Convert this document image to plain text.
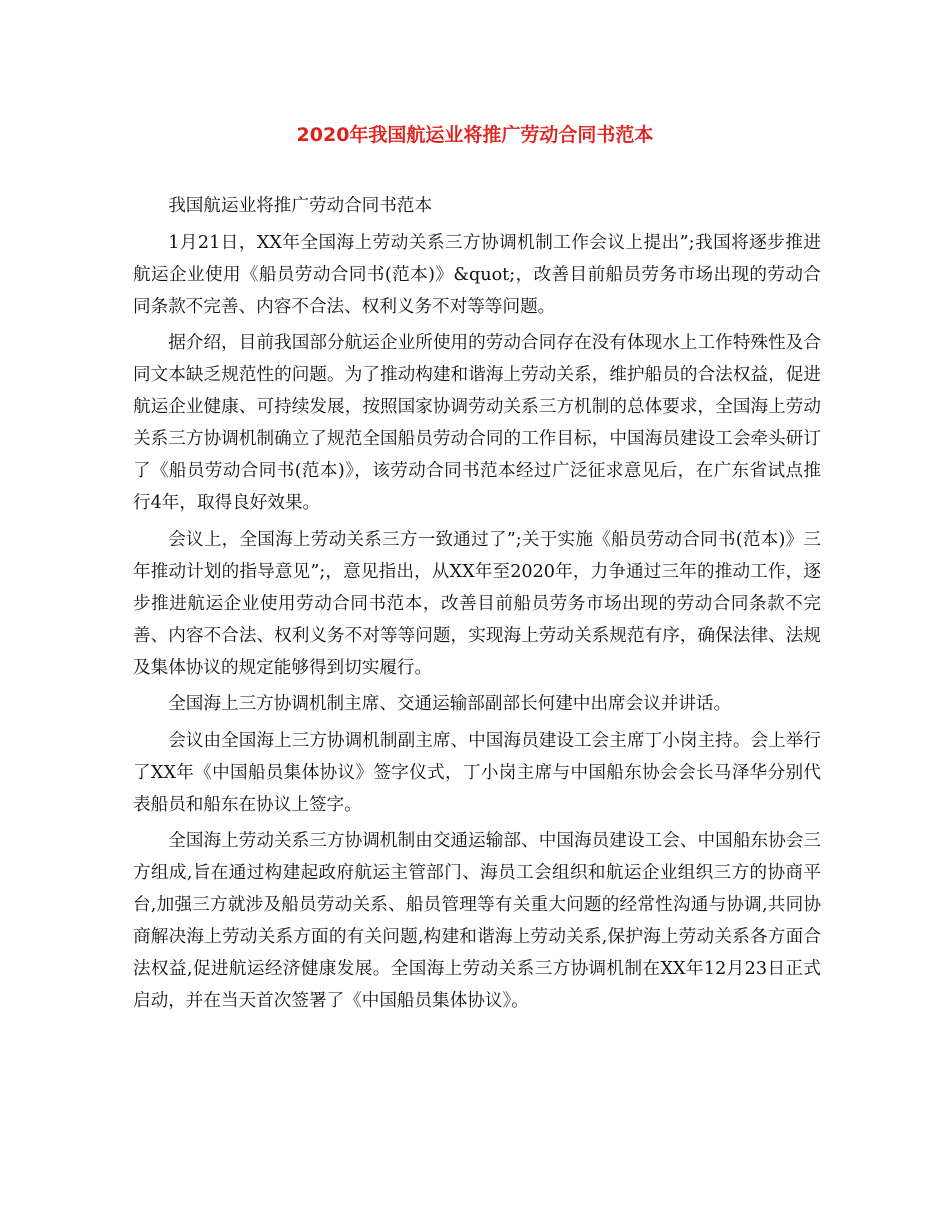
2020年我国航运业将推广劳动合同书范本

我国航运业将推广劳动合同书范本

1月21日，XX年全国海上劳动关系三方协调机制工作会议上提出”;我国将逐步推进航运企业使用《船员劳动合同书(范本)》&quot;，改善目前船员劳务市场出现的劳动合同条款不完善、内容不合法、权利义务不对等等问题。

据介绍，目前我国部分航运企业所使用的劳动合同存在没有体现水上工作特殊性及合同文本缺乏规范性的问题。为了推动构建和谐海上劳动关系，维护船员的合法权益，促进航运企业健康、可持续发展，按照国家协调劳动关系三方机制的总体要求，全国海上劳动关系三方协调机制确立了规范全国船员劳动合同的工作目标，中国海员建设工会牵头研订了《船员劳动合同书(范本)》，该劳动合同书范本经过广泛征求意见后，在广东省试点推行4年，取得良好效果。

会议上，全国海上劳动关系三方一致通过了”;关于实施《船员劳动合同书(范本)》三年推动计划的指导意见”;，意见指出，从XX年至2020年，力争通过三年的推动工作，逐步推进航运企业使用劳动合同书范本，改善目前船员劳务市场出现的劳动合同条款不完善、内容不合法、权利义务不对等等问题，实现海上劳动关系规范有序，确保法律、法规及集体协议的规定能够得到切实履行。

全国海上三方协调机制主席、交通运输部副部长何建中出席会议并讲话。

会议由全国海上三方协调机制副主席、中国海员建设工会主席丁小岗主持。会上举行了XX年《中国船员集体协议》签字仪式，丁小岗主席与中国船东协会会长马泽华分别代表船员和船东在协议上签字。

全国海上劳动关系三方协调机制由交通运输部、中国海员建设工会、中国船东协会三方组成,旨在通过构建起政府航运主管部门、海员工会组织和航运企业组织三方的协商平台,加强三方就涉及船员劳动关系、船员管理等有关重大问题的经常性沟通与协调,共同协商解决海上劳动关系方面的有关问题,构建和谐海上劳动关系,保护海上劳动关系各方面合法权益,促进航运经济健康发展。全国海上劳动关系三方协调机制在XX年12月23日正式启动，并在当天首次签署了《中国船员集体协议》。
